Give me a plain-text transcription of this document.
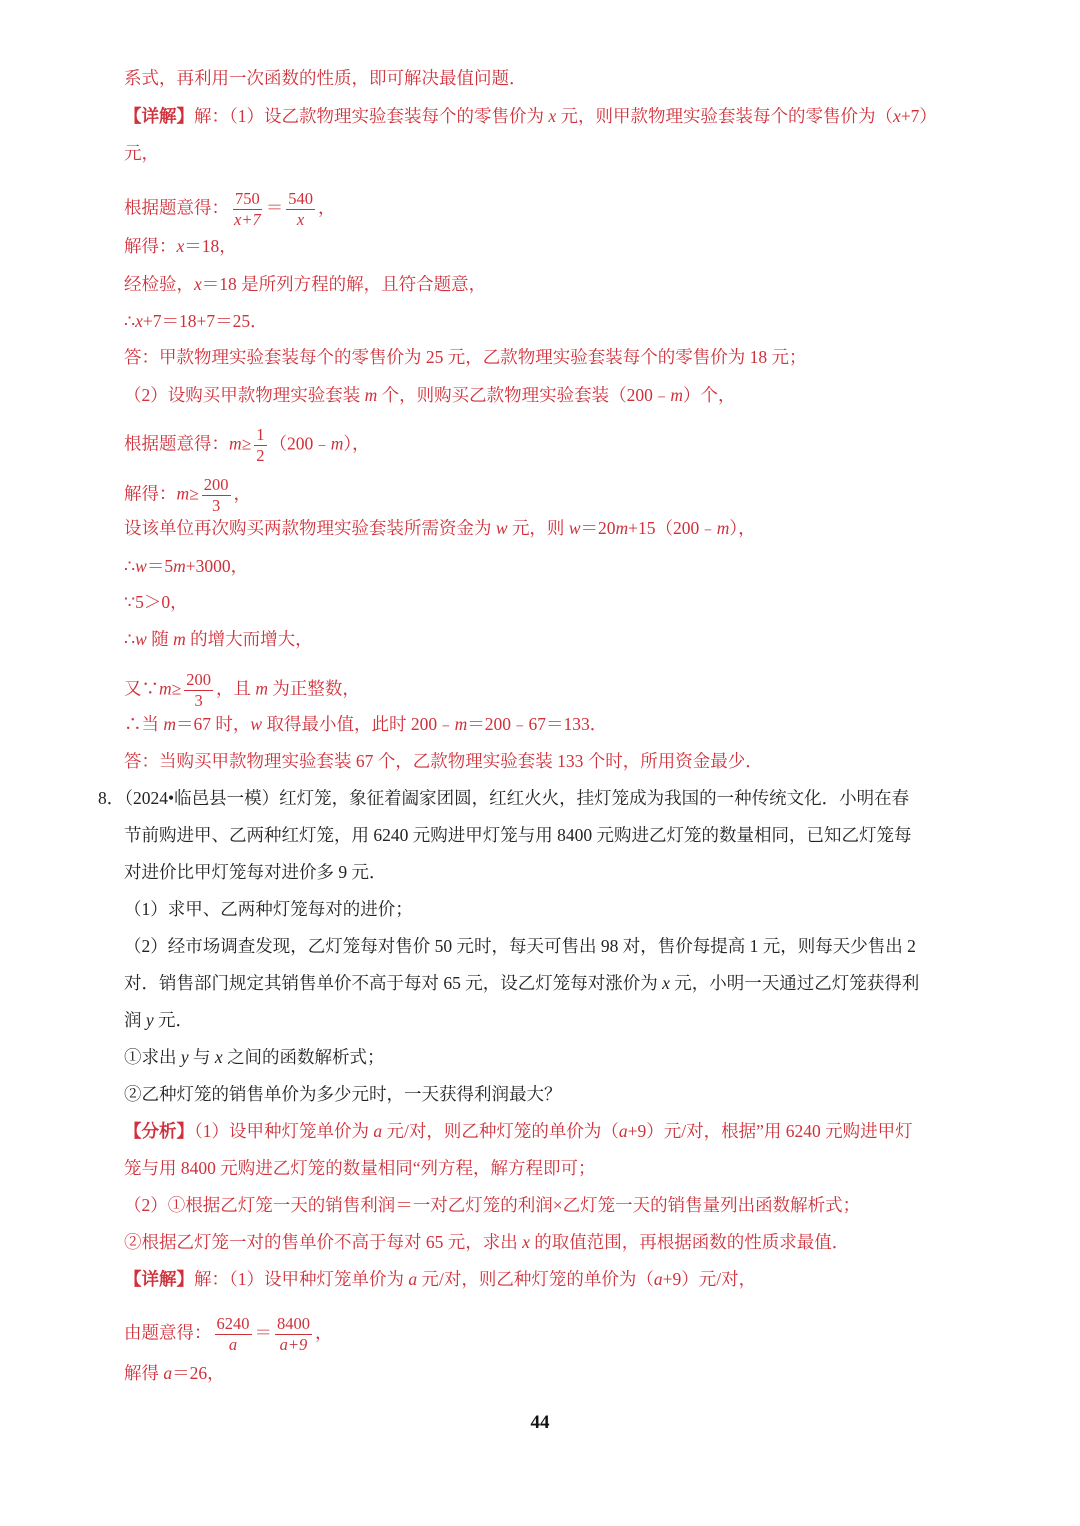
系式，再利用一次函数的性质，即可解决最值问题．
【详解】解：（1）设乙款物理实验套装每个的零售价为 x 元，则甲款物理实验套装每个的零售价为（x+7）
元，
根据题意得： $\frac{750}{x+7} = \frac{540}{x}$ ，
解得：x＝18，
经检验，x＝18 是所列方程的解，且符合题意，
∴x+7＝18+7＝25．
答：甲款物理实验套装每个的零售价为 25 元，乙款物理实验套装每个的零售价为 18 元；
（2）设购买甲款物理实验套装 m 个，则购买乙款物理实验套装（200﹣m）个，
根据题意得：$m\ge \frac{1}{2}$ （200﹣m），
解得：$m\ge \frac{200}{3}$ ，
设该单位再次购买两款物理实验套装所需资金为 w 元，则 w＝20m+15（200﹣m），
∴w＝5m+3000，
∵5＞0，
∴w 随 m 的增大而增大，
又∵m≥ $\frac{200}{3}$ ，且 m 为正整数，
∴当 m＝67 时，w 取得最小值，此时 200﹣m＝200﹣67＝133．
答：当购买甲款物理实验套装 67 个，乙款物理实验套装 133 个时，所用资金最少．
8．（2024•临邑县一模）红灯笼，象征着阖家团圆，红红火火，挂灯笼成为我国的一种传统文化．小明在春
节前购进甲、乙两种红灯笼，用 6240 元购进甲灯笼与用 8400 元购进乙灯笼的数量相同，已知乙灯笼每
对进价比甲灯笼每对进价多 9 元．
（1）求甲、乙两种灯笼每对的进价；
（2）经市场调查发现，乙灯笼每对售价 50 元时，每天可售出 98 对，售价每提高 1 元，则每天少售出 2
对．销售部门规定其销售单价不高于每对 65 元，设乙灯笼每对涨价为 x 元，小明一天通过乙灯笼获得利
润 y 元．
①求出 y 与 x 之间的函数解析式；
②乙种灯笼的销售单价为多少元时，一天获得利润最大？
【分析】（1）设甲种灯笼单价为 a 元/对，则乙种灯笼的单价为（a+9）元/对，根据”用 6240 元购进甲灯
笼与用 8400 元购进乙灯笼的数量相同“列方程，解方程即可；
（2）①根据乙灯笼一天的销售利润＝一对乙灯笼的利润×乙灯笼一天的销售量列出函数解析式；
②根据乙灯笼一对的售单价不高于每对 65 元，求出 x 的取值范围，再根据函数的性质求最值．
【详解】解：（1）设甲种灯笼单价为 a 元/对，则乙种灯笼的单价为（a+9）元/对，
由题意得： $\frac{6240}{a} = \frac{8400}{a+9}$ ，
解得 a＝26，
44
